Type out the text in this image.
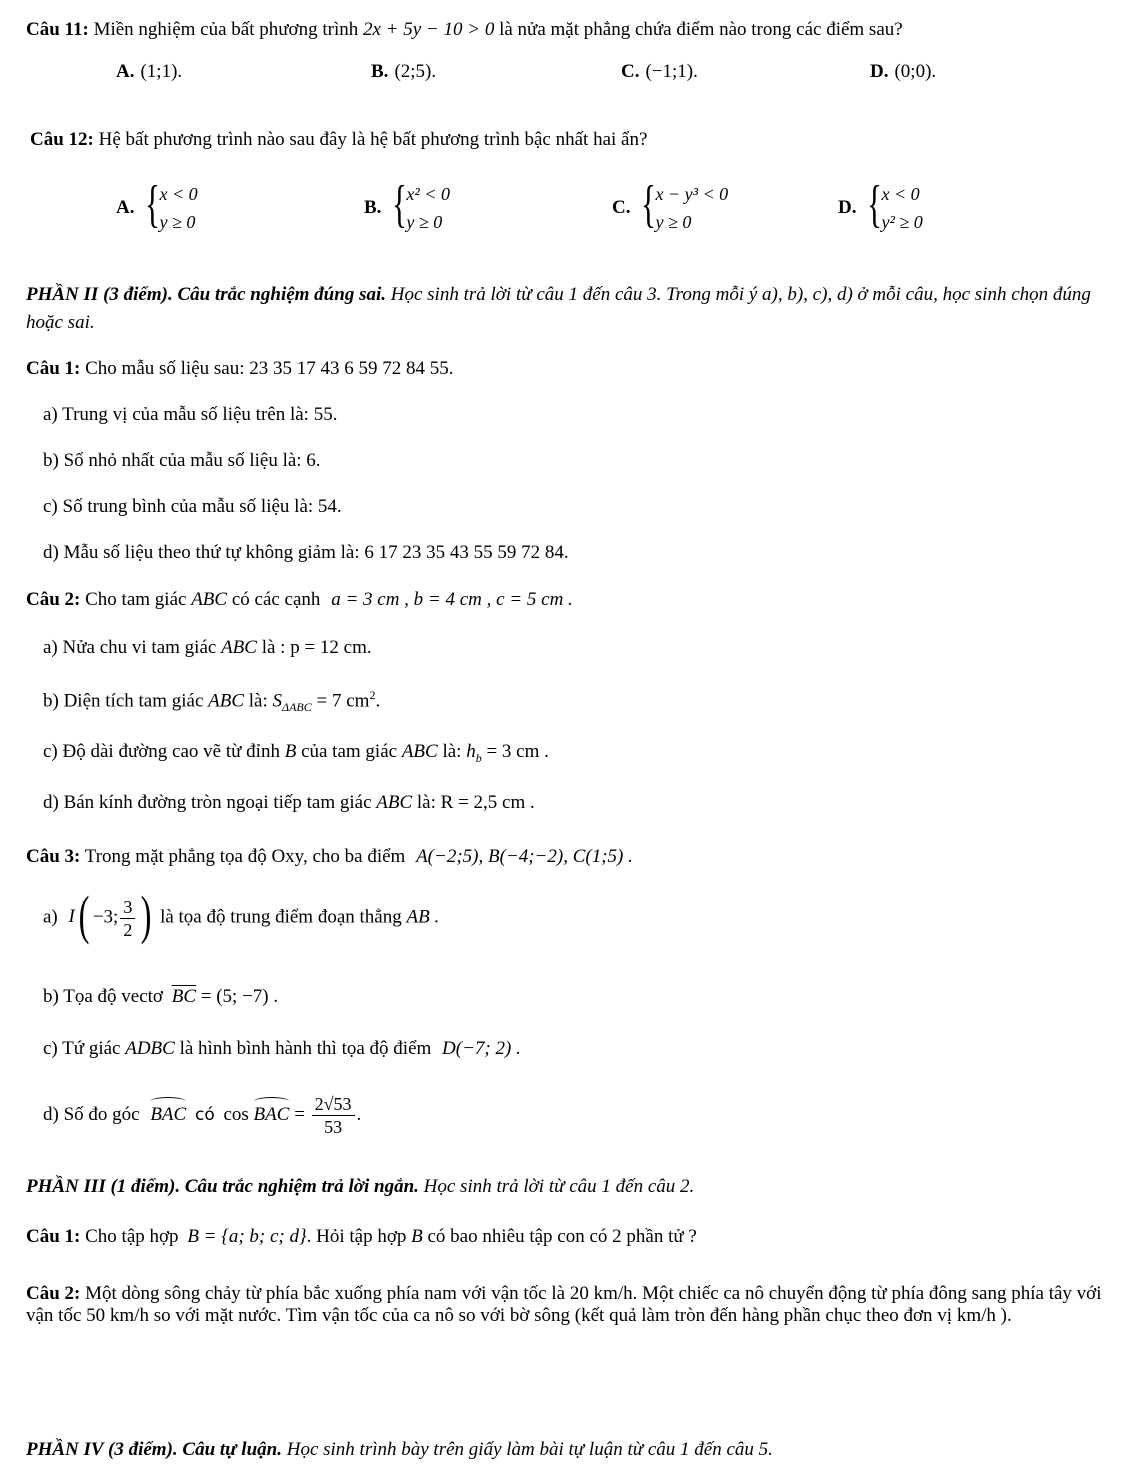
Câu 11: Miền nghiệm của bất phương trình 2x + 5y − 10 > 0 là nửa mặt phẳng chứa điểm nào trong các điểm sau?
A. (1;1).	B. (2;5).	C. (−1;1).	D. (0;0).
Câu 12: Hệ bất phương trình nào sau đây là hệ bất phương trình bậc nhất hai ẩn?
A. {
x < 0
y ≥ 0
B. {
x² < 0
y ≥ 0
C. {
x − y³ < 0
y ≥ 0
D. {
x < 0
y² ≥ 0
PHẦN II (3 điểm). Câu trắc nghiệm đúng sai. Học sinh trả lời từ câu 1 đến câu 3. Trong mỗi ý a), b), c), d) ở mỗi câu, học sinh chọn đúng hoặc sai.
Câu 1: Cho mẫu số liệu sau: 23 35 17 43 6 59 72 84 55.
a) Trung vị của mẫu số liệu trên là: 55.
b) Số nhỏ nhất của mẫu số liệu là: 6.
c) Số trung bình của mẫu số liệu là: 54.
d) Mẫu số liệu theo thứ tự không giảm là: 6 17 23 35 43 55 59 72 84.
Câu 2: Cho tam giác ABC có các cạnh a = 3 cm , b = 4 cm , c = 5 cm .
a) Nửa chu vi tam giác ABC là : p = 12 cm.
b) Diện tích tam giác ABC là: $S_{\Delta ABC} = 7$ $cm^2$.
c) Độ dài đường cao vẽ từ đỉnh B của tam giác ABC là: $h_b = 3$ cm .
d) Bán kính đường tròn ngoại tiếp tam giác ABC là: R = 2,5 cm .
Câu 3: Trong mặt phẳng tọa độ Oxy, cho ba điểm A(−2;5), B(−4;−2), C(1;5) .
a) I( −3; $\frac{3}{2}$ ) là tọa độ trung điểm đoạn thẳng AB .
b) Tọa độ vectơ $\overline{BC} = (5$; −7) .
c) Tứ giác ADBC là hình bình hành thì tọa độ điểm D(−7; 2) .
d) Số đo góc BAC có cos BAC = $\frac{2√53}{53}$ .
PHẦN III (1 điểm). Câu trắc nghiệm trả lời ngắn. Học sinh trả lời từ câu 1 đến câu 2.
Câu 1: Cho tập hợp B = {a; b; c; d}. Hỏi tập hợp B có bao nhiêu tập con có 2 phần tử ?
Câu 2: Một dòng sông chảy từ phía bắc xuống phía nam với vận tốc là 20 km/h. Một chiếc ca nô chuyển động từ phía đông sang phía tây với vận tốc 50 km/h so với mặt nước. Tìm vận tốc của ca nô so với bờ sông (kết quả làm tròn đến hàng phần chục theo đơn vị km/h ).
PHẦN IV (3 điểm). Câu tự luận. Học sinh trình bày trên giấy làm bài tự luận từ câu 1 đến câu 5.
